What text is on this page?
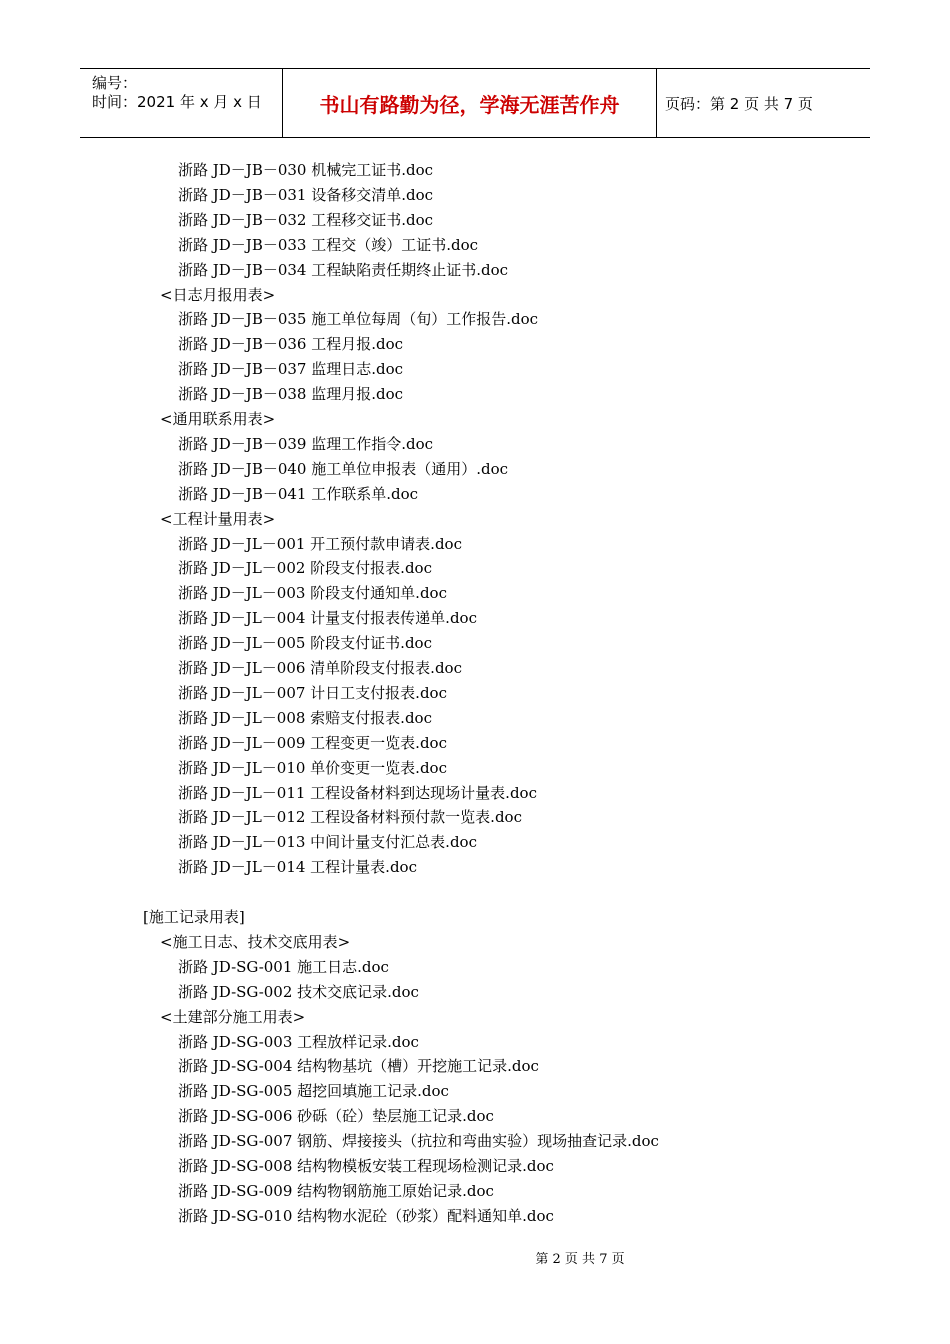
编号：
时间：2021 年 x 月 x 日	书山有路勤为径，学海无涯苦作舟	页码：第 2 页 共 7 页
浙路 JD－JB－030 机械完工证书.doc
浙路 JD－JB－031 设备移交清单.doc
浙路 JD－JB－032 工程移交证书.doc
浙路 JD－JB－033 工程交（竣）工证书.doc
浙路 JD－JB－034 工程缺陷责任期终止证书.doc
<日志月报用表>
浙路 JD－JB－035 施工单位每周（旬）工作报告.doc
浙路 JD－JB－036 工程月报.doc
浙路 JD－JB－037 监理日志.doc
浙路 JD－JB－038 监理月报.doc
<通用联系用表>
浙路 JD－JB－039 监理工作指令.doc
浙路 JD－JB－040 施工单位申报表（通用）.doc
浙路 JD－JB－041 工作联系单.doc
<工程计量用表>
浙路 JD－JL－001 开工预付款申请表.doc
浙路 JD－JL－002 阶段支付报表.doc
浙路 JD－JL－003 阶段支付通知单.doc
浙路 JD－JL－004 计量支付报表传递单.doc
浙路 JD－JL－005 阶段支付证书.doc
浙路 JD－JL－006 清单阶段支付报表.doc
浙路 JD－JL－007 计日工支付报表.doc
浙路 JD－JL－008 索赔支付报表.doc
浙路 JD－JL－009 工程变更一览表.doc
浙路 JD－JL－010 单价变更一览表.doc
浙路 JD－JL－011 工程设备材料到达现场计量表.doc
浙路 JD－JL－012 工程设备材料预付款一览表.doc
浙路 JD－JL－013 中间计量支付汇总表.doc
浙路 JD－JL－014 工程计量表.doc
[施工记录用表]
<施工日志、技术交底用表>
浙路 JD-SG-001 施工日志.doc
浙路 JD-SG-002 技术交底记录.doc
<土建部分施工用表>
浙路 JD-SG-003 工程放样记录.doc
浙路 JD-SG-004 结构物基坑（槽）开挖施工记录.doc
浙路 JD-SG-005 超挖回填施工记录.doc
浙路 JD-SG-006 砂砾（砼）垫层施工记录.doc
浙路 JD-SG-007 钢筋、焊接接头（抗拉和弯曲实验）现场抽查记录.doc
浙路 JD-SG-008 结构物模板安装工程现场检测记录.doc
浙路 JD-SG-009 结构物钢筋施工原始记录.doc
浙路 JD-SG-010 结构物水泥砼（砂浆）配料通知单.doc
第 2 页 共 7 页
